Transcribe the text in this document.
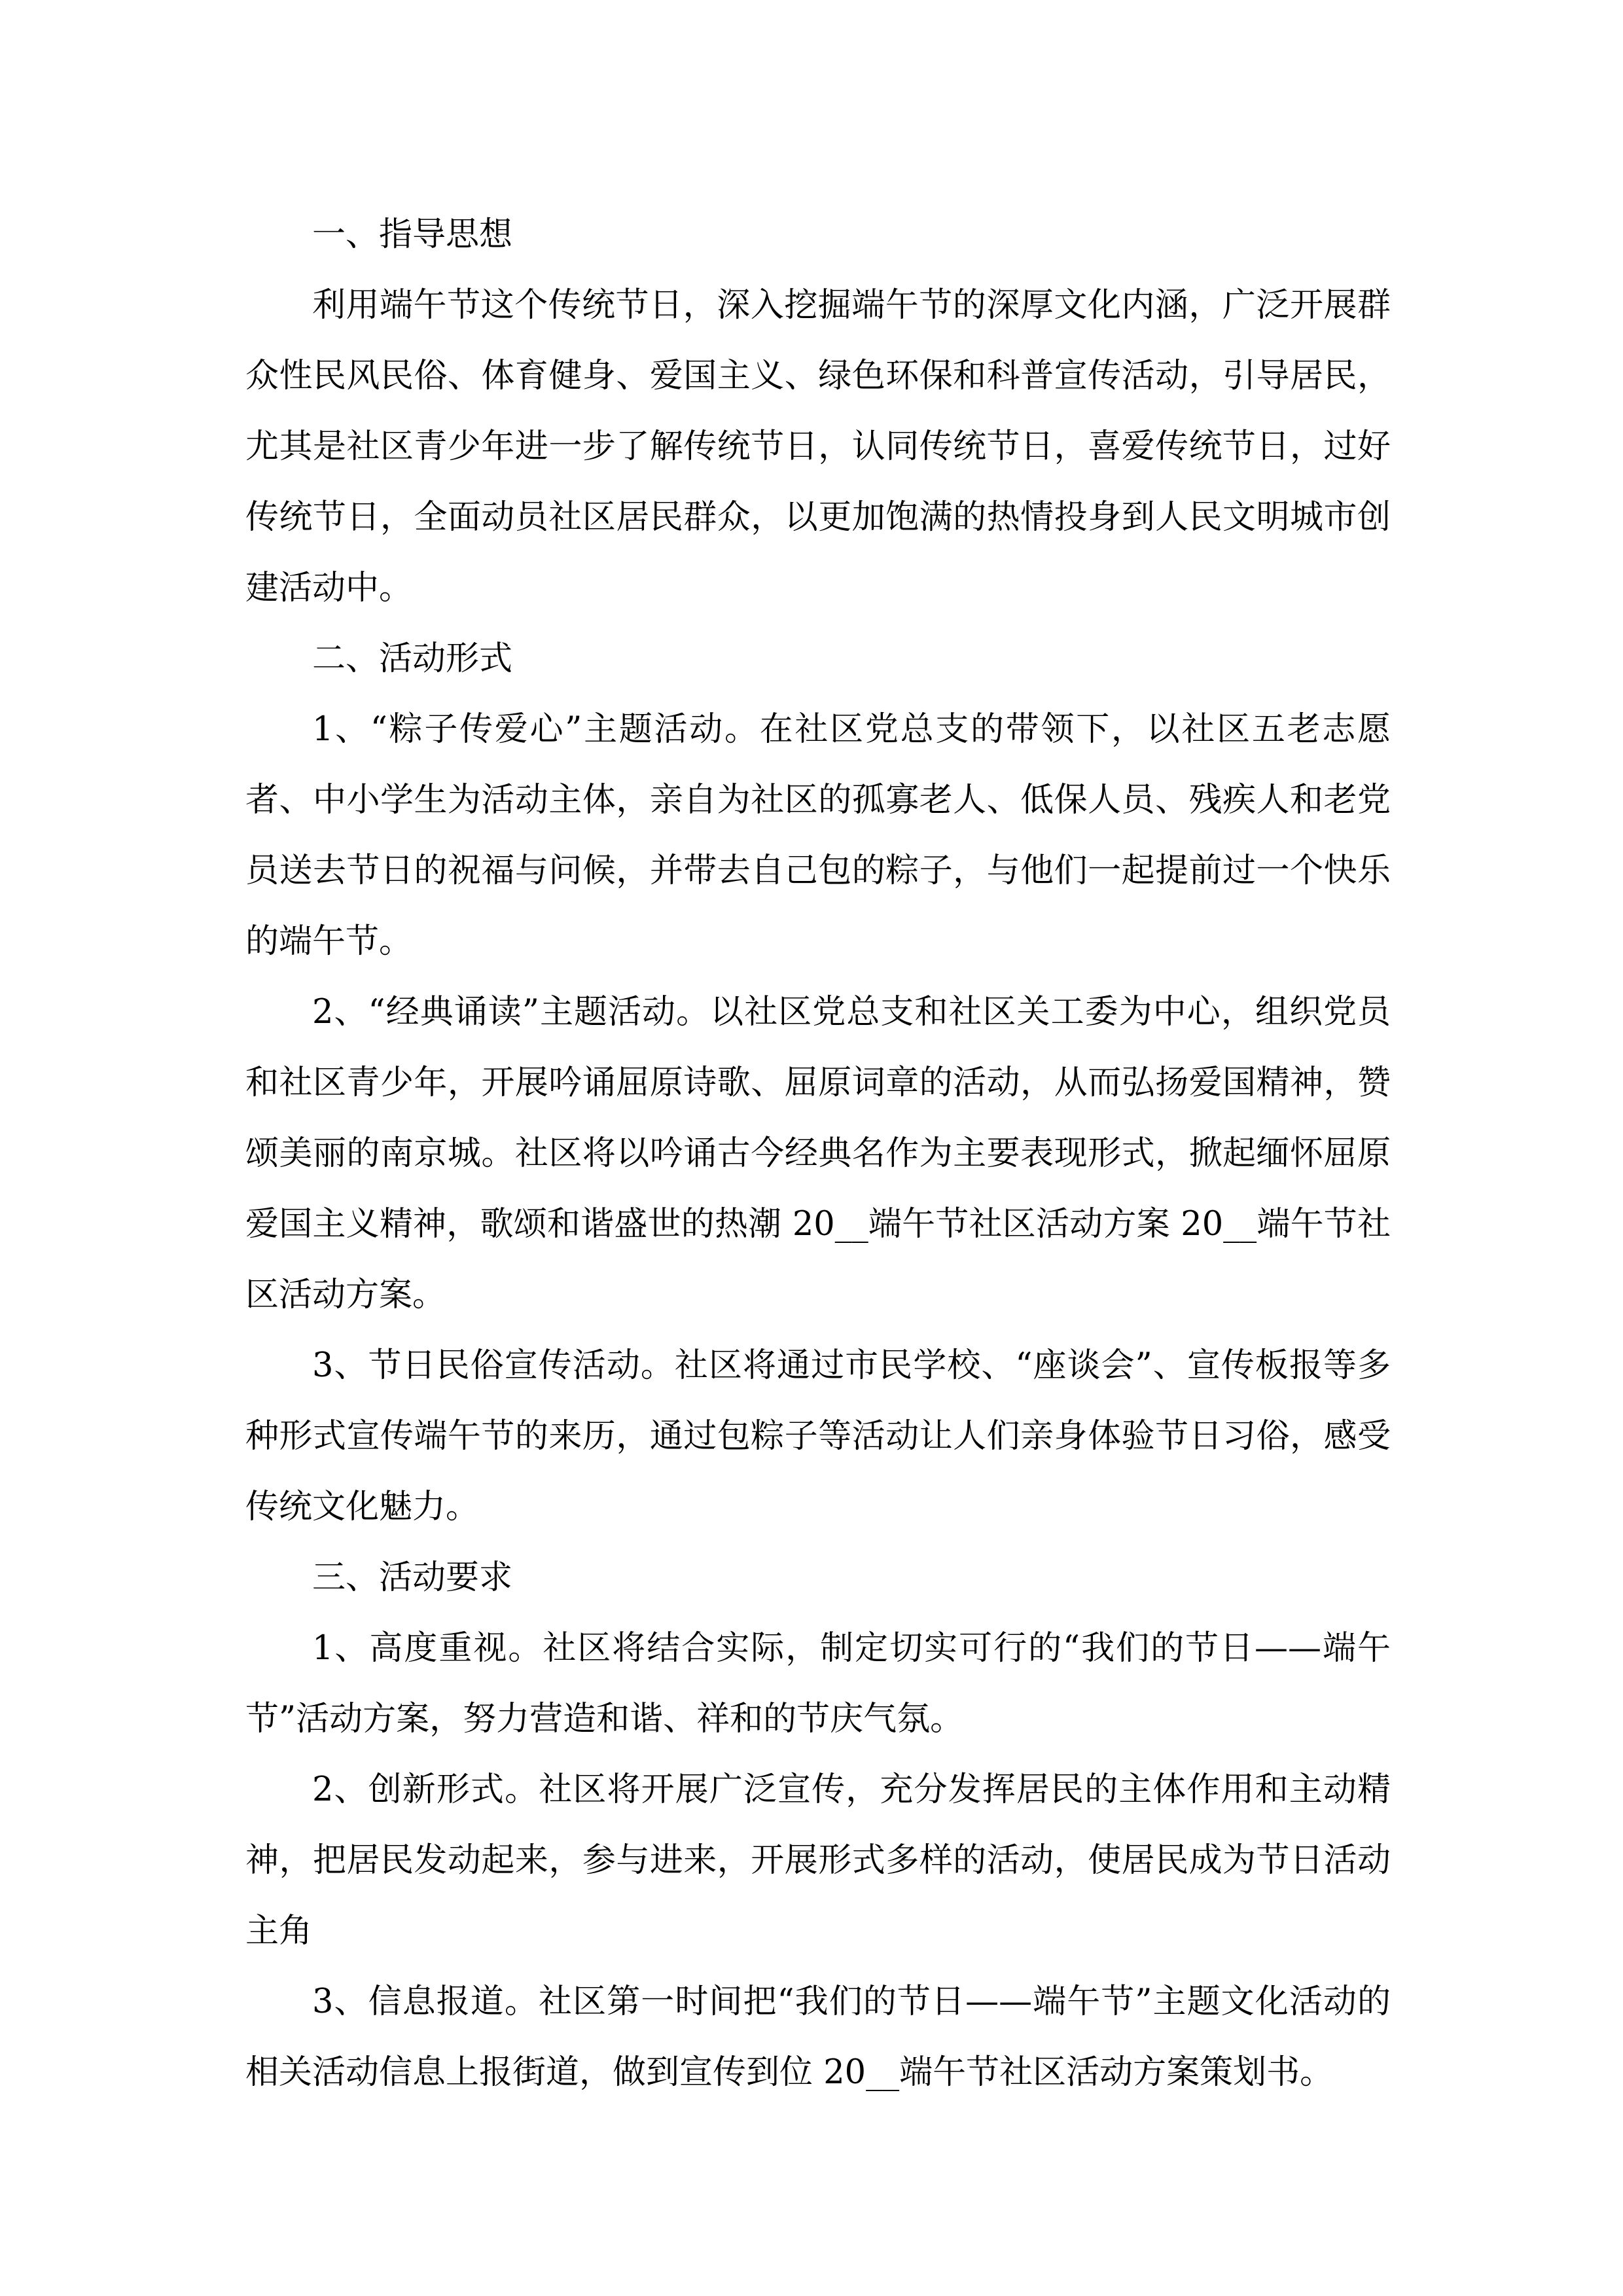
一、指导思想

利用端午节这个传统节日，深入挖掘端午节的深厚文化内涵，广泛开展群众性民风民俗、体育健身、爱国主义、绿色环保和科普宣传活动，引导居民，尤其是社区青少年进一步了解传统节日，认同传统节日，喜爱传统节日，过好传统节日，全面动员社区居民群众，以更加饱满的热情投身到人民文明城市创建活动中。

二、活动形式

1、“粽子传爱心”主题活动。在社区党总支的带领下，以社区五老志愿者、中小学生为活动主体，亲自为社区的孤寡老人、低保人员、残疾人和老党员送去节日的祝福与问候，并带去自己包的粽子，与他们一起提前过一个快乐的端午节。

2、“经典诵读”主题活动。以社区党总支和社区关工委为中心，组织党员和社区青少年，开展吟诵屈原诗歌、屈原词章的活动，从而弘扬爱国精神，赞颂美丽的南京城。社区将以吟诵古今经典名作为主要表现形式，掀起缅怀屈原爱国主义精神，歌颂和谐盛世的热潮 20__端午节社区活动方案 20__端午节社区活动方案。

3、节日民俗宣传活动。社区将通过市民学校、“座谈会”、宣传板报等多种形式宣传端午节的来历，通过包粽子等活动让人们亲身体验节日习俗，感受传统文化魅力。

三、活动要求

1、高度重视。社区将结合实际，制定切实可行的“我们的节日——端午节”活动方案，努力营造和谐、祥和的节庆气氛。

2、创新形式。社区将开展广泛宣传，充分发挥居民的主体作用和主动精神，把居民发动起来，参与进来，开展形式多样的活动，使居民成为节日活动主角

3、信息报道。社区第一时间把“我们的节日——端午节”主题文化活动的相关活动信息上报街道，做到宣传到位 20__端午节社区活动方案策划书。
